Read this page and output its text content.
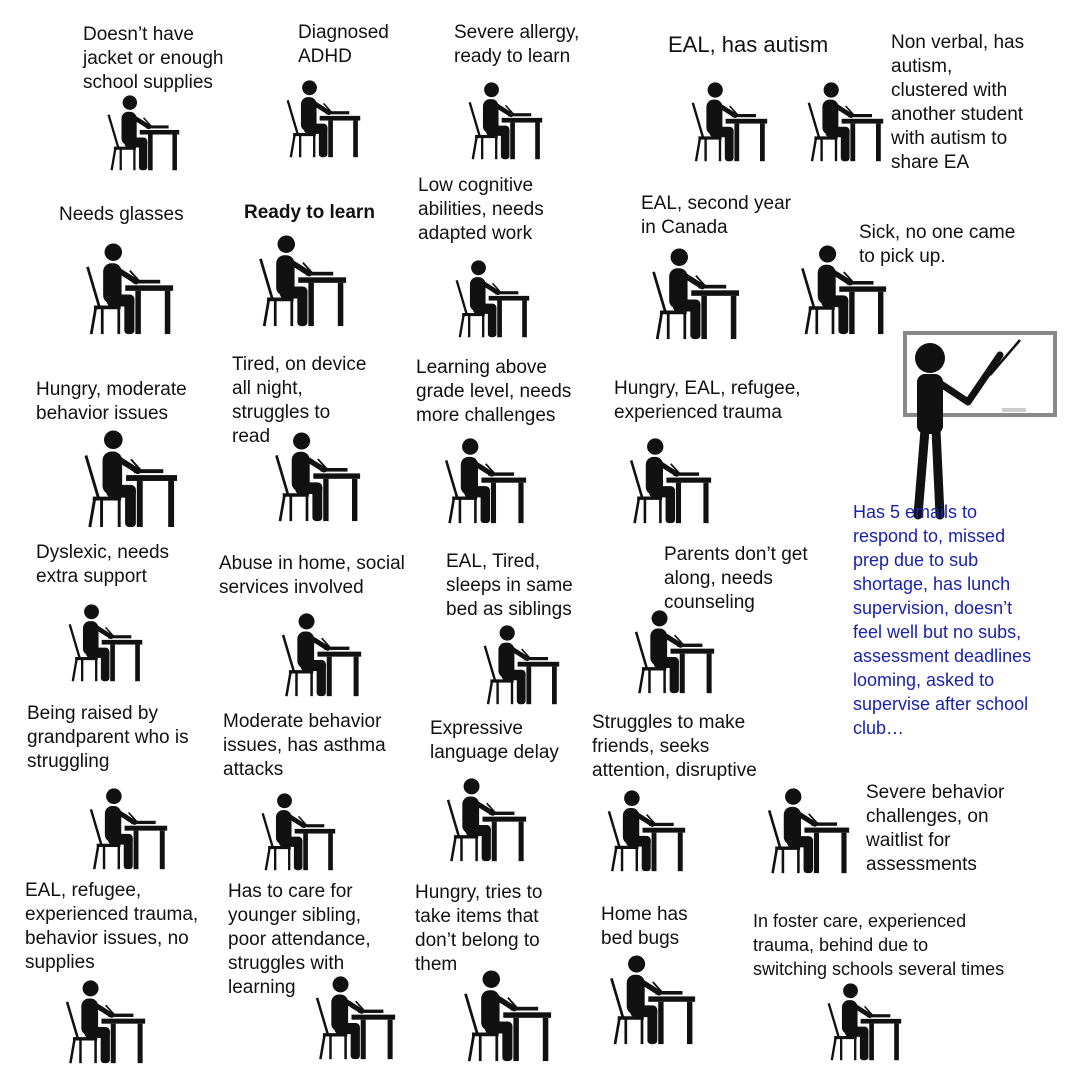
Doesn’t have
jacket or enough
school supplies

Diagnosed
ADHD

Severe allergy,
ready to learn	EAL, has autism	Non verbal, has
autism,
clustered with
another student
with autism to
share EA

Needs glasses	Ready to learn

Low cognitive
abilities, needs
adapted work

EAL, second year
in Canada	Sick, no one came
to pick up.

Hungry, moderate
behavior issues

Tired, on device
all night,
struggles to
read

Learning above
grade level, needs
more challenges

Hungry, EAL, refugee,
experienced trauma

Dyslexic, needs
extra support

Abuse in home, social
services involved

EAL, Tired,
sleeps in same
bed as siblings

Parents don’t get
along, needs
counseling

Being raised by
grandparent who is
struggling

Moderate behavior
issues, has asthma
attacks

Expressive
language delay

Struggles to make
friends, seeks
attention, disruptive

Severe behavior
challenges, on
waitlist for
assessments

EAL, refugee,
experienced trauma,
behavior issues, no
supplies

Has to care for
younger sibling,
poor attendance,
struggles with
learning

Hungry, tries to
take items that
don’t belong to
them

Home has
bed bugs

In foster care, experienced
trauma, behind due to
switching schools several times

Has 5 emails to
respond to, missed
prep due to sub
shortage, has lunch
supervision, doesn’t
feel well but no subs,
assessment deadlines
looming, asked to
supervise after school
club…
